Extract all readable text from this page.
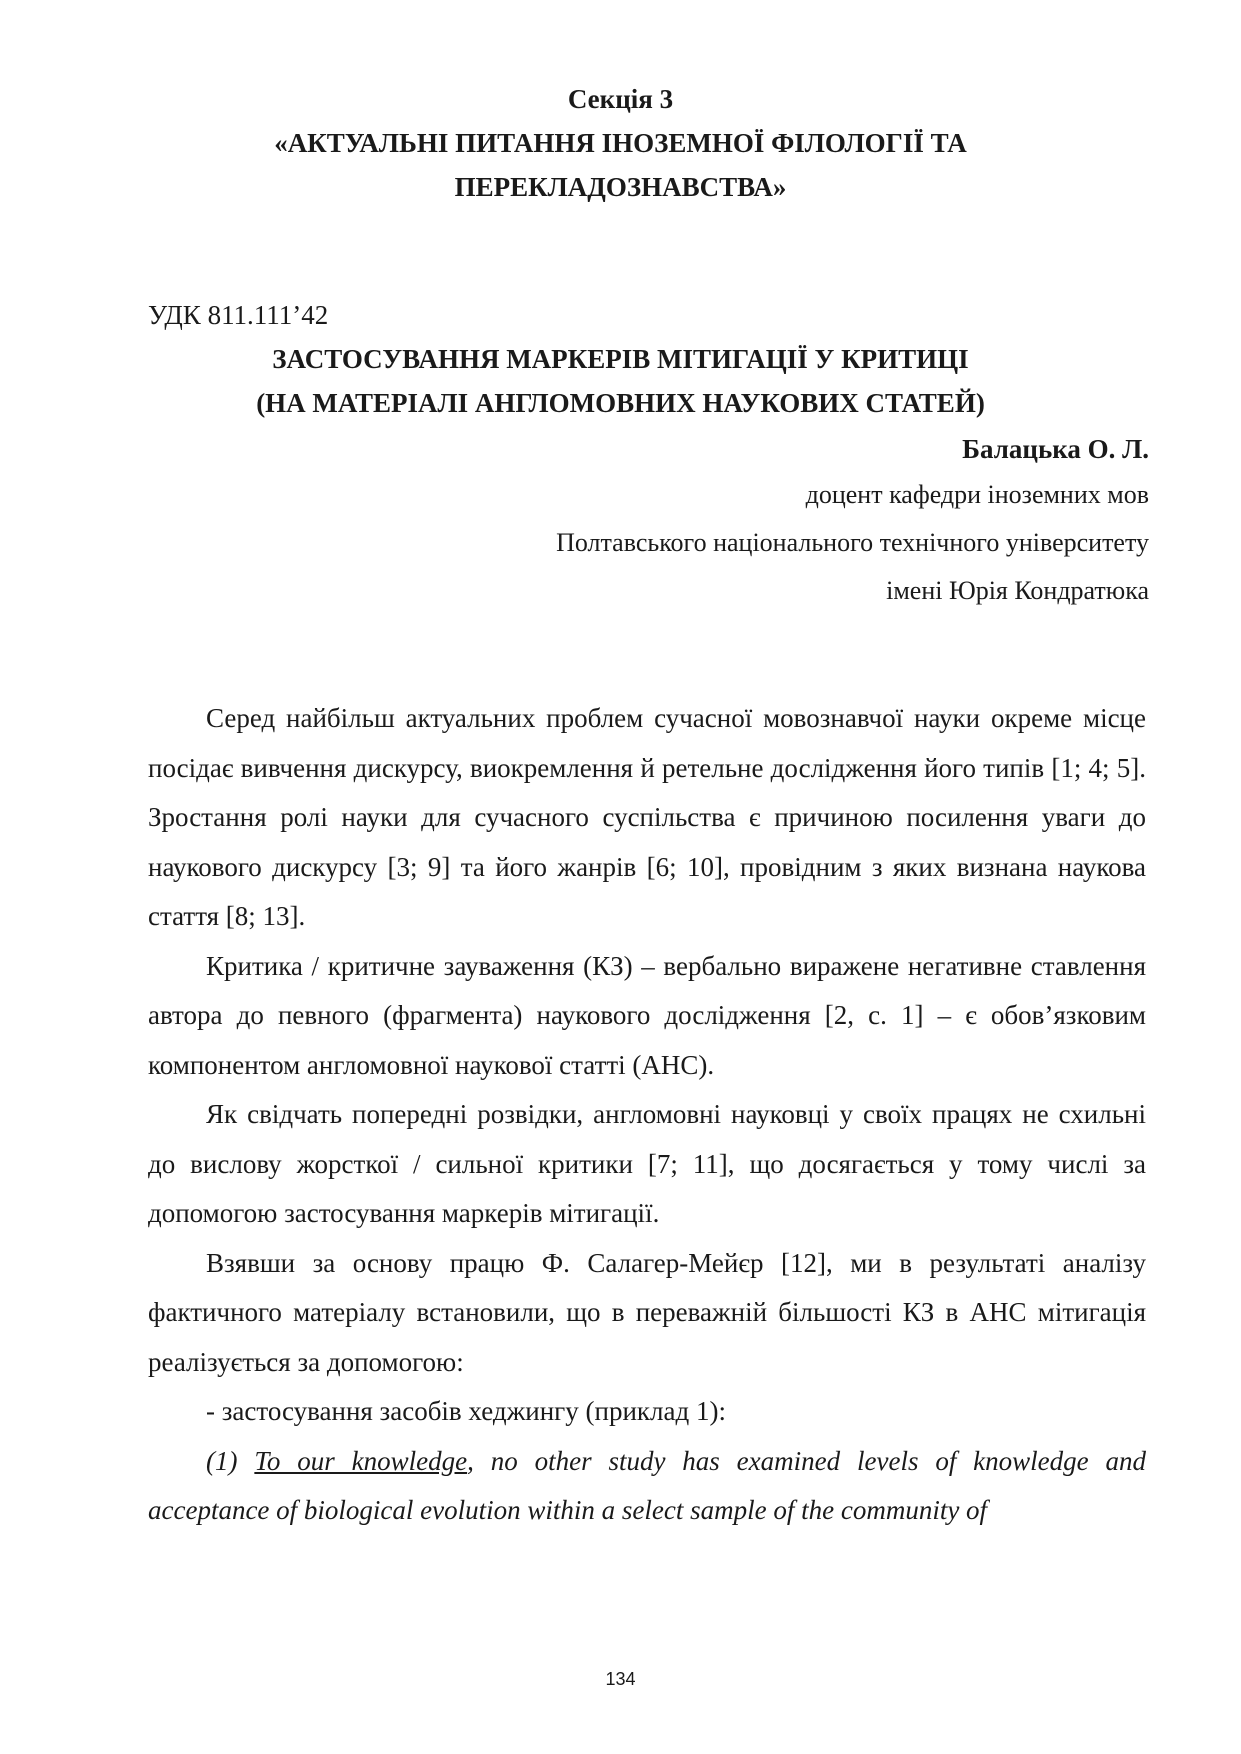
Секція 3
«АКТУАЛЬНІ ПИТАННЯ ІНОЗЕМНОЇ ФІЛОЛОГІЇ ТА
ПЕРЕКЛАДОЗНАВСТВА»
УДК 811.111’42
ЗАСТОСУВАННЯ МАРКЕРІВ МІТИГАЦІЇ У КРИТИЦІ
(НА МАТЕРІАЛІ АНГЛОМОВНИХ НАУКОВИХ СТАТЕЙ)
Балацька О. Л.
доцент кафедри іноземних мов
Полтавського національного технічного університету
імені Юрія Кондратюка

Серед найбільш актуальних проблем сучасної мовознавчої науки окреме місце посідає вивчення дискурсу, виокремлення й ретельне дослідження його типів [1; 4; 5]. Зростання ролі науки для сучасного суспільства є причиною посилення уваги до наукового дискурсу [3; 9] та його жанрів [6; 10], провідним з яких визнана наукова стаття [8; 13].

Критика / критичне зауваження (КЗ) – вербально виражене негативне ставлення автора до певного (фрагмента) наукового дослідження [2, с. 1] – є обов’язковим компонентом англомовної наукової статті (АНС).

Як свідчать попередні розвідки, англомовні науковці у своїх працях не схильні до вислову жорсткої / сильної критики [7; 11], що досягається у тому числі за допомогою застосування маркерів мітигації.

Взявши за основу працю Ф. Салагер-Мейєр [12], ми в результаті аналізу фактичного матеріалу встановили, що в переважній більшості КЗ в АНС мітигація реалізується за допомогою:

- застосування засобів хеджингу (приклад 1):

(1) To our knowledge, no other study has examined levels of knowledge and acceptance of biological evolution within a select sample of the community of

134
